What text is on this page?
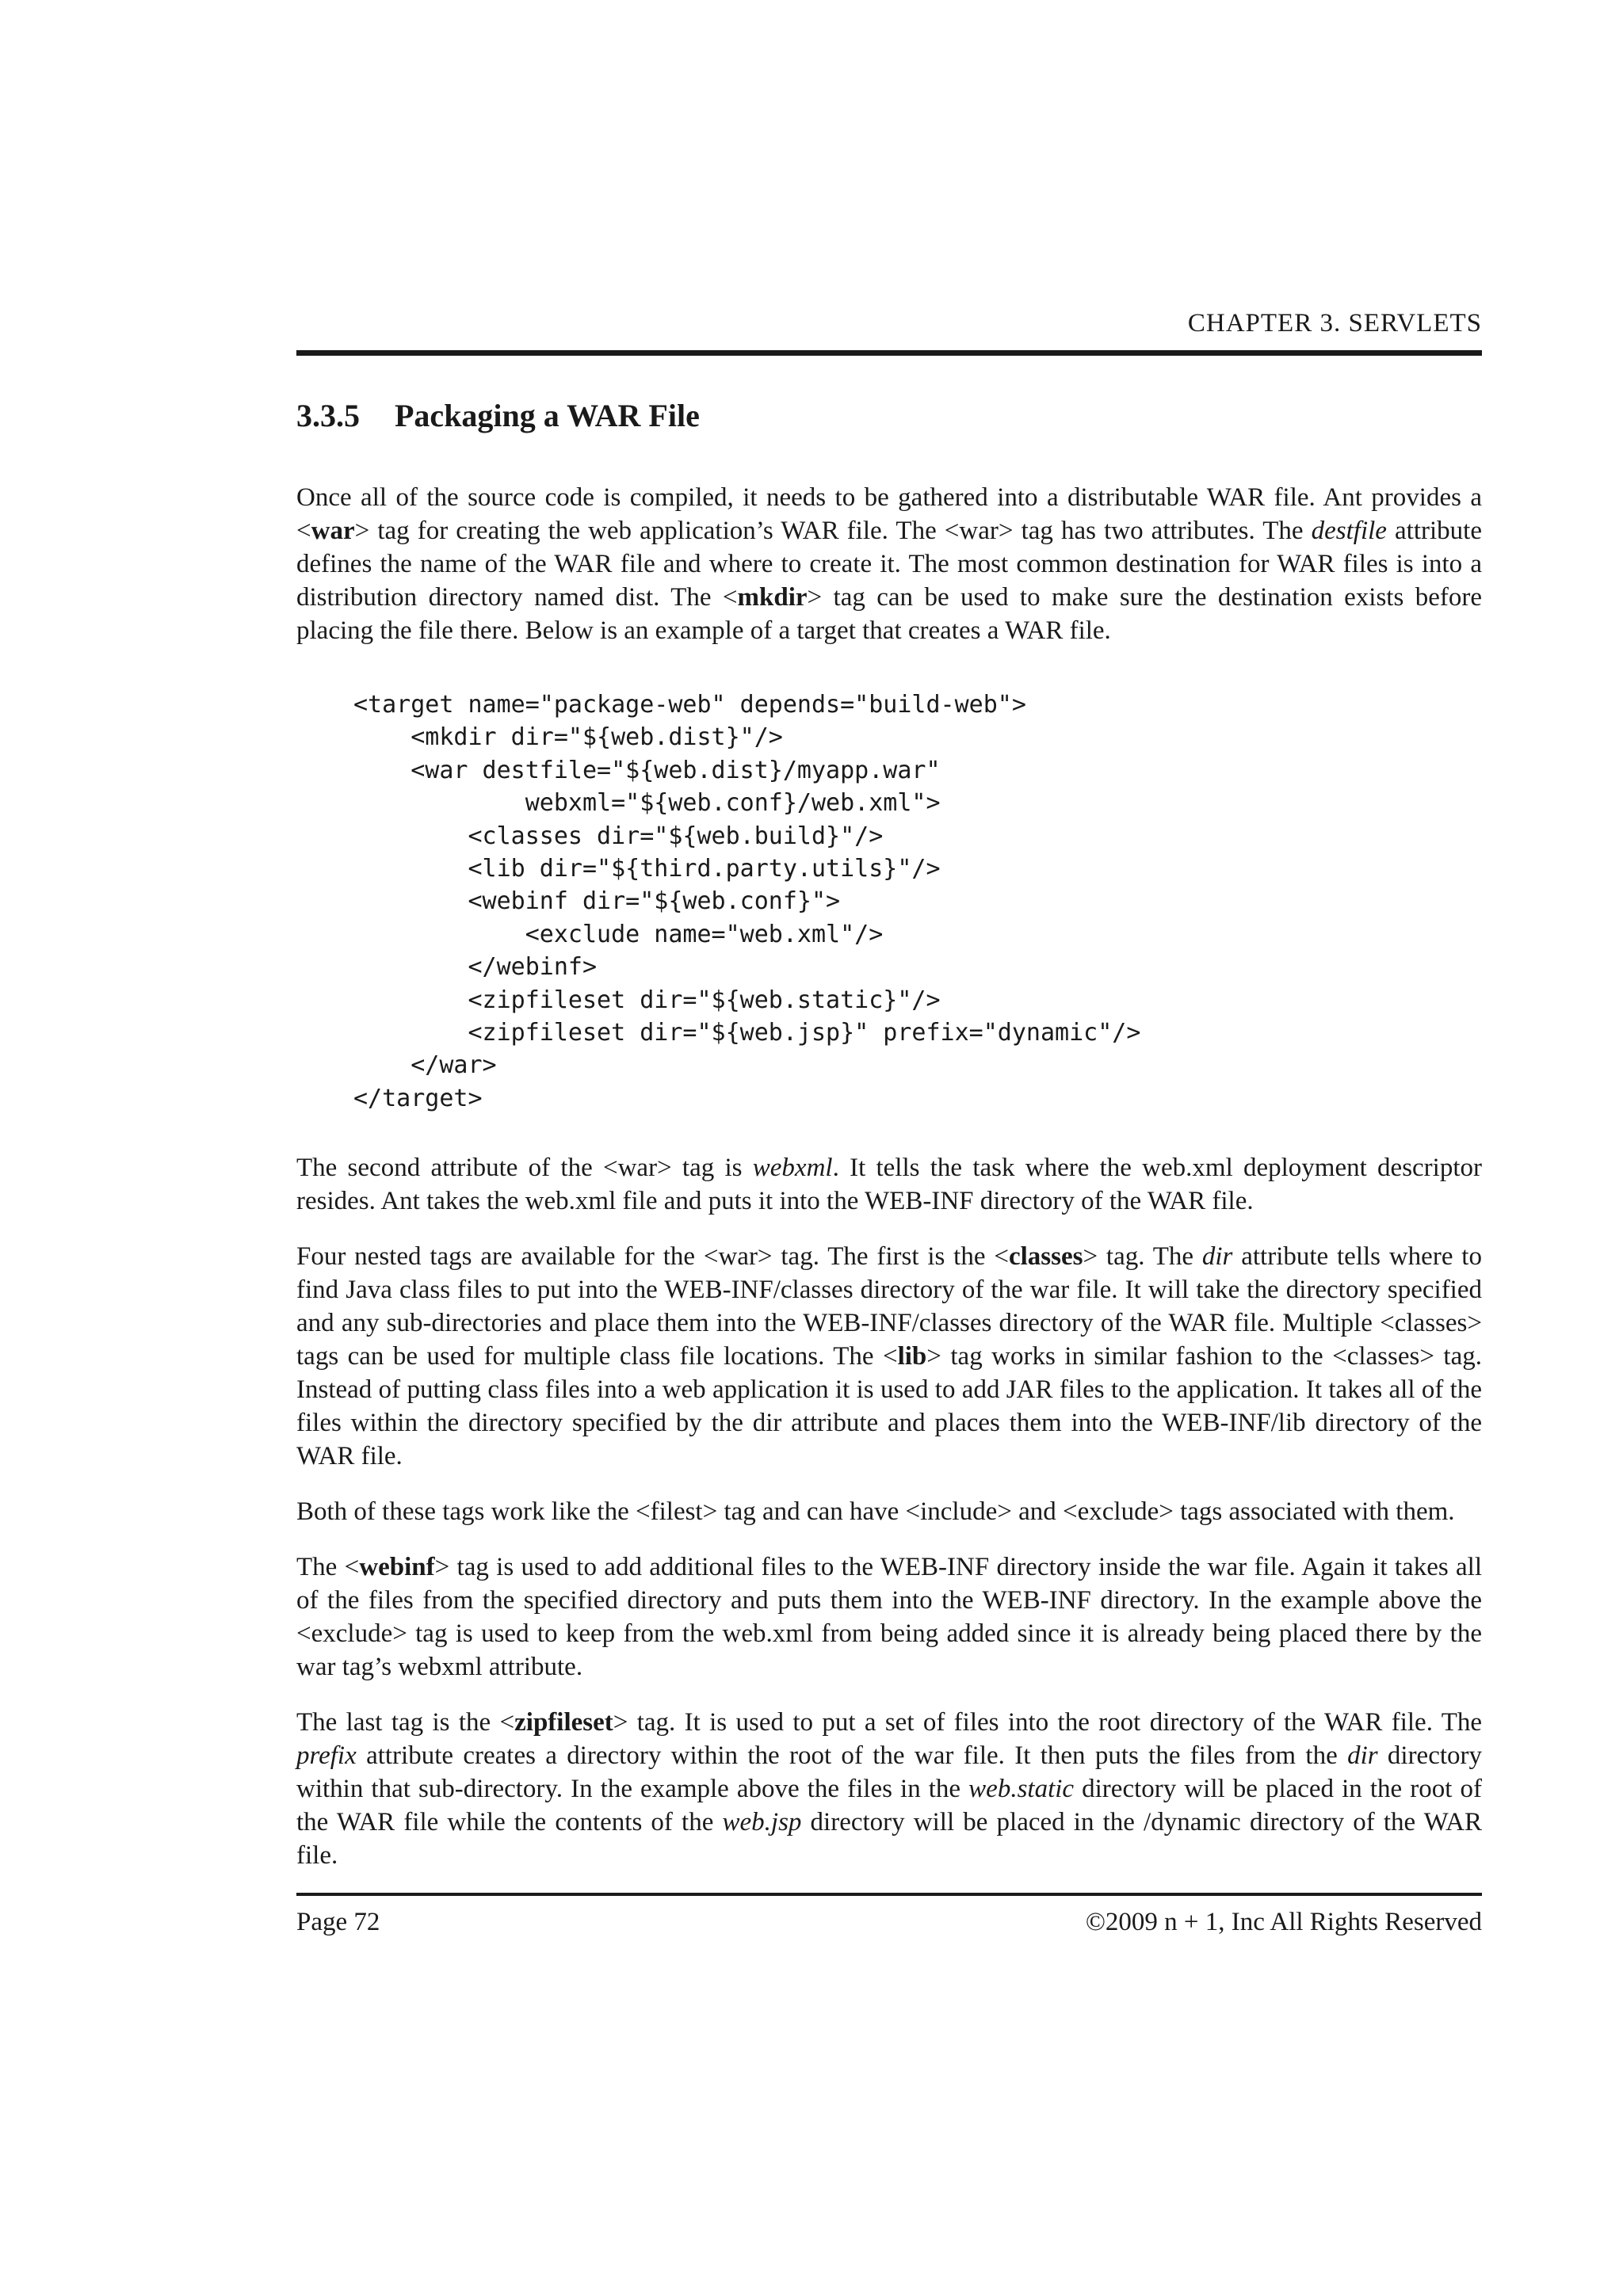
CHAPTER 3. SERVLETS
3.3.5 Packaging a WAR File

Once all of the source code is compiled, it needs to be gathered into a distributable WAR file. Ant provides a <war> tag for creating the web application’s WAR file. The <war> tag has two attributes. The destfile attribute defines the name of the WAR file and where to create it. The most common destination for WAR files is into a distribution directory named dist. The <mkdir> tag can be used to make sure the destination exists before placing the file there. Below is an example of a target that creates a WAR file.

<target name="package-web" depends="build-web">
<mkdir dir="${web.dist}"/>
<war destfile="${web.dist}/myapp.war"
webxml="${web.conf}/web.xml">
<classes dir="${web.build}"/>
<lib dir="${third.party.utils}"/>
<webinf dir="${web.conf}">
<exclude name="web.xml"/>
</webinf>
<zipfileset dir="${web.static}"/>
<zipfileset dir="${web.jsp}" prefix="dynamic"/>
</war>
</target>

The second attribute of the <war> tag is webxml. It tells the task where the web.xml deployment descriptor resides. Ant takes the web.xml file and puts it into the WEB-INF directory of the WAR file.

Four nested tags are available for the <war> tag. The first is the <classes> tag. The dir attribute tells where to find Java class files to put into the WEB-INF/classes directory of the war file. It will take the directory specified and any sub-directories and place them into the WEB-INF/classes directory of the WAR file. Multiple <classes> tags can be used for multiple class file locations. The <lib> tag works in similar fashion to the <classes> tag. Instead of putting class files into a web application it is used to add JAR files to the application. It takes all of the files within the directory specified by the dir attribute and places them into the WEB-INF/lib directory of the WAR file.

Both of these tags work like the <filest> tag and can have <include> and <exclude> tags associated with them.

The <webinf> tag is used to add additional files to the WEB-INF directory inside the war file. Again it takes all of the files from the specified directory and puts them into the WEB-INF directory. In the example above the <exclude> tag is used to keep from the web.xml from being added since it is already being placed there by the war tag’s webxml attribute.

The last tag is the <zipfileset> tag. It is used to put a set of files into the root directory of the WAR file. The prefix attribute creates a directory within the root of the war file. It then puts the files from the dir directory within that sub-directory. In the example above the files in the web.static directory will be placed in the root of the WAR file while the contents of the web.jsp directory will be placed in the /dynamic directory of the WAR file.

Page 72	©2009 n + 1, Inc All Rights Reserved
